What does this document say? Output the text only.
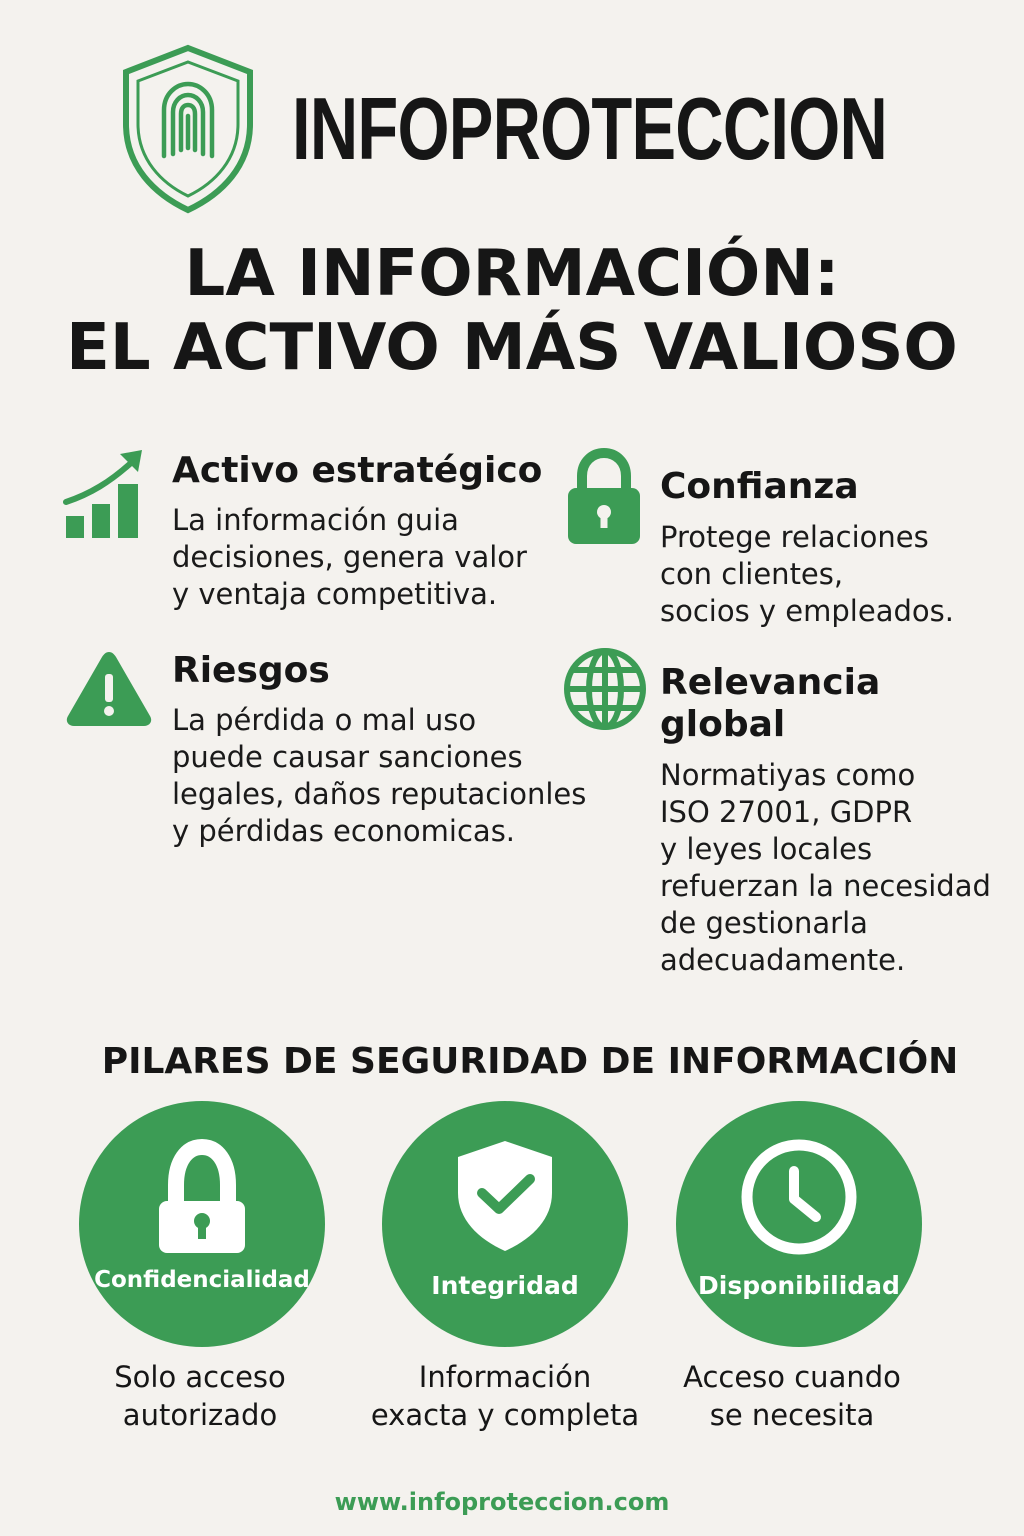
INFOPROTECCION
LA INFORMACIÓN:
EL ACTIVO MÁS VALIOSO
Activo estratégico
La información guia
decisiones, genera valor
y ventaja competitiva.
Confianza
Protege relaciones
con clientes,
socios y empleados.
Riesgos
La pérdida o mal uso
puede causar sanciones
legales, daños reputacionles
y pérdidas economicas.
Relevancia
global
Normatiyas como
ISO 27001, GDPR
y leyes locales
refuerzan la necesidad
de gestionarla
adecuadamente.
PILARES DE SEGURIDAD DE INFORMACIÓN
Confidencialidad
Solo acceso
autorizado
Integridad
Información
exacta y completa
Disponibilidad
Acceso cuando
se necesita
www.infoproteccion.com
